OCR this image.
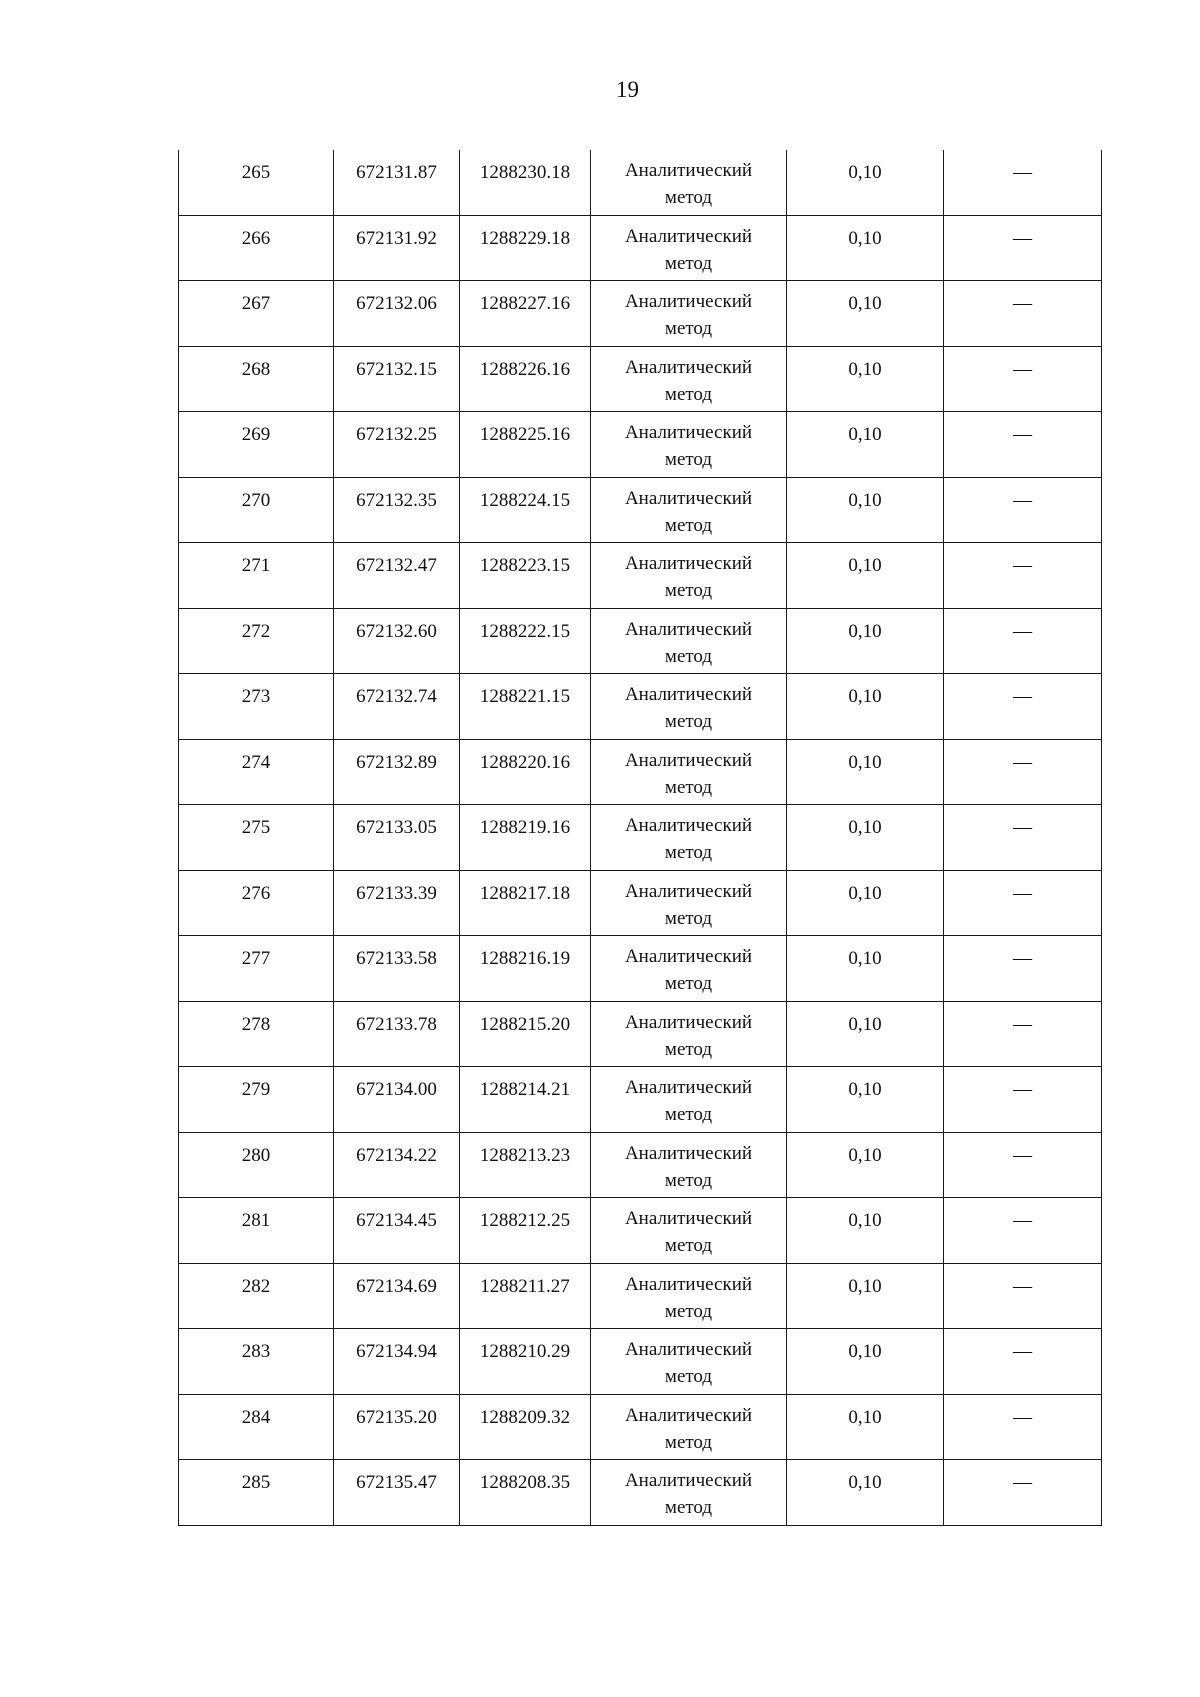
19
265	672131.87	1288230.18	Аналитический
метод	0,10	—

266	672131.92	1288229.18	Аналитический
метод	0,10	—

267	672132.06	1288227.16	Аналитический
метод	0,10	—

268	672132.15	1288226.16	Аналитический
метод	0,10	—

269	672132.25	1288225.16	Аналитический
метод	0,10	—

270	672132.35	1288224.15	Аналитический
метод	0,10	—

271	672132.47	1288223.15	Аналитический
метод	0,10	—

272	672132.60	1288222.15	Аналитический
метод	0,10	—

273	672132.74	1288221.15	Аналитический
метод	0,10	—

274	672132.89	1288220.16	Аналитический
метод	0,10	—

275	672133.05	1288219.16	Аналитический
метод	0,10	—

276	672133.39	1288217.18	Аналитический
метод	0,10	—

277	672133.58	1288216.19	Аналитический
метод	0,10	—

278	672133.78	1288215.20	Аналитический
метод	0,10	—

279	672134.00	1288214.21	Аналитический
метод	0,10	—

280	672134.22	1288213.23	Аналитический
метод	0,10	—

281	672134.45	1288212.25	Аналитический
метод	0,10	—

282	672134.69	1288211.27	Аналитический
метод	0,10	—

283	672134.94	1288210.29	Аналитический
метод	0,10	—

284	672135.20	1288209.32	Аналитический
метод	0,10	—

285	672135.47	1288208.35	Аналитический
метод	0,10	—
